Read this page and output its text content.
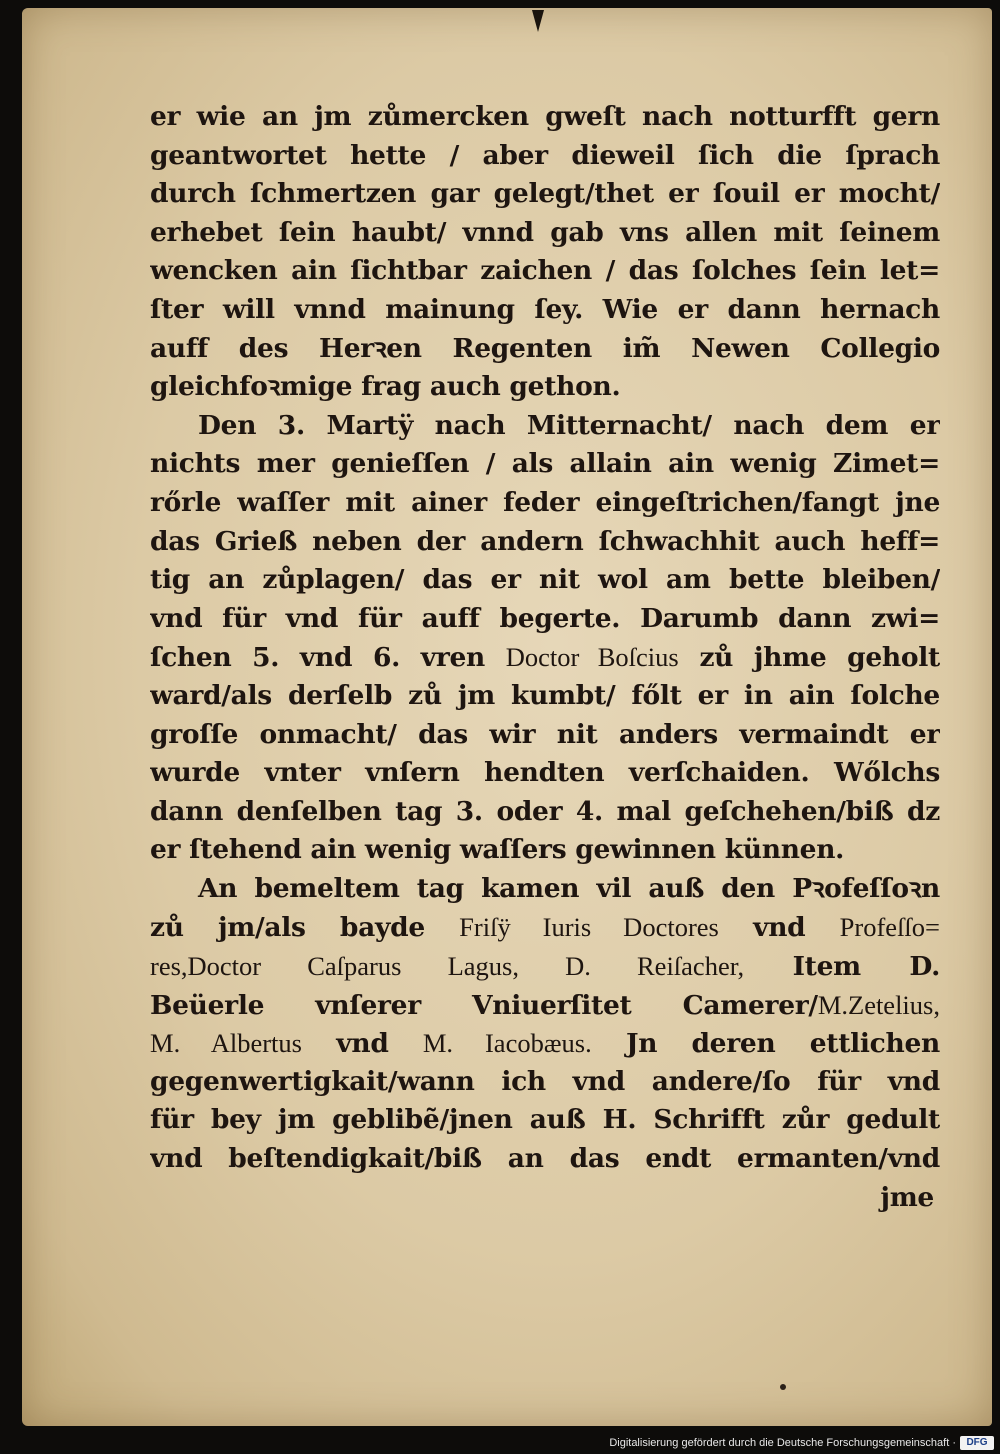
er wie an jm zůmercken gweſt nach notturfft gern
geantwortet hette / aber dieweil ſich die ſprach
durch ſchmertzen gar gelegt/thet er ſouil er mocht/
erhebet ſein haubt/ vnnd gab vns allen mit ſeinem
wencken ain ſichtbar zaichen / das ſolches ſein let=
ſter will vnnd mainung ſey. Wie er dann hernach
auff des Herꝛen Regenten im̃ Newen Collegio
gleichfoꝛmige frag auch gethon.
Den 3. Martÿ nach Mitternacht/ nach dem er
nichts mer genieſſen / als allain ain wenig Zimet=
rőrle waſſer mit ainer feder eingeſtrichen/fangt jne
das Grieß neben der andern ſchwachhit auch heff=
tig an zůplagen/ das er nit wol am bette bleiben/
vnd für vnd für auff begerte. Darumb dann zwi=
ſchen 5. vnd 6. vren Doctor Boſcius zů jhme geholt
ward/als derſelb zů jm kumbt/ főlt er in ain ſolche
groſſe onmacht/ das wir nit anders vermaindt er
wurde vnter vnſern hendten verſchaiden. Wőlchs
dann denſelben tag 3. oder 4. mal geſchehen/biß dz
er ſtehend ain wenig waſſers gewinnen künnen.
An bemeltem tag kamen vil auß den Pꝛofeſſoꝛn
zů jm/als bayde Friſÿ Iuris Doctores vnd Profeſſo=
res,Doctor Caſparus Lagus, D. Reiſacher, Item D.
Beüerle vnſerer Vniuerſitet Camerer/M.Zetelius,
M. Albertus vnd M. Iacobæus. Jn deren ettlichen
gegenwertigkait/wann ich vnd andere/ſo für vnd
für bey jm geblibẽ/jnen auß H. Schrifft zůr gedult
vnd beſtendigkait/biß an das endt ermanten/vnd
jme
Digitalisierung gefördert durch die Deutsche Forschungsgemeinschaft ·	DFG
